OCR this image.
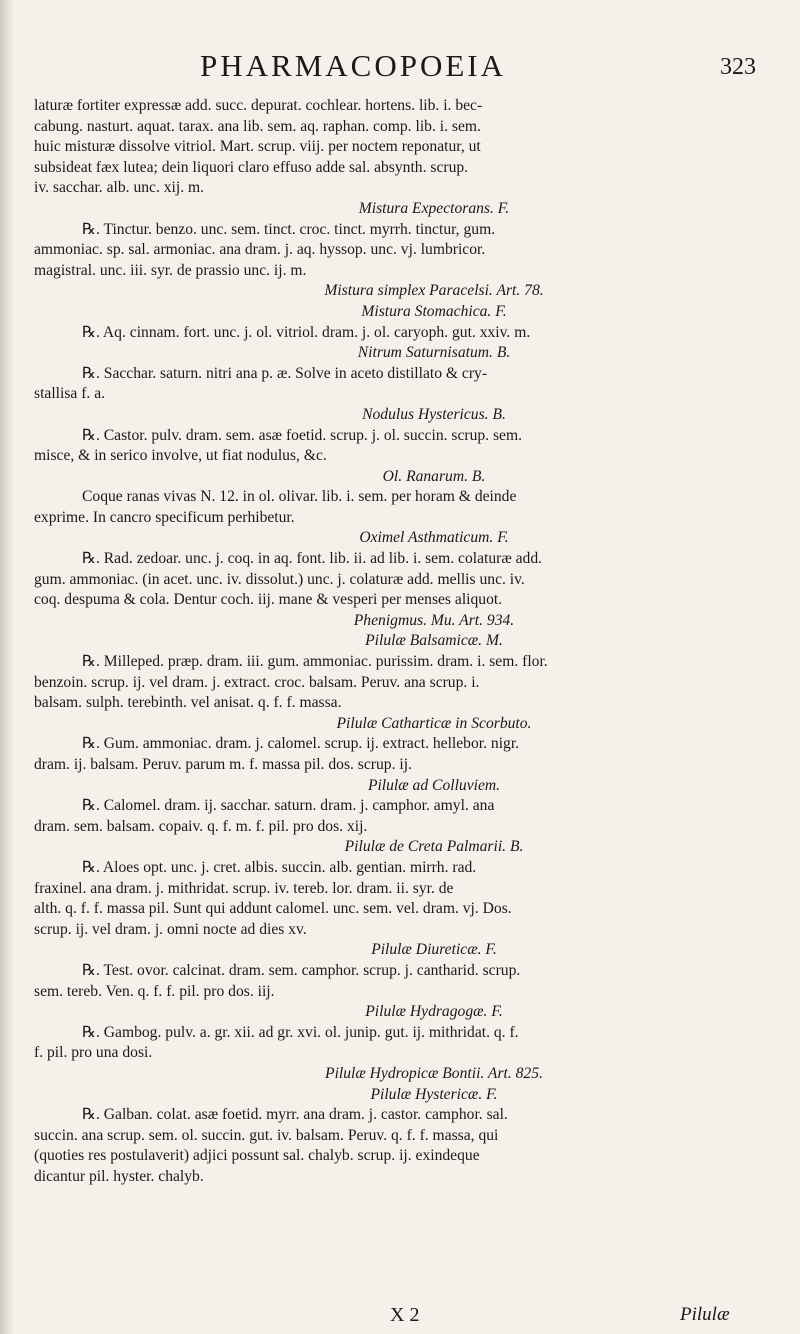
PHARMACOPOEIA	323
laturæ fortiter expressæ add. succ. depurat. cochlear. hortens. lib. i. bec-
cabung. nasturt. aquat. tarax. ana lib. sem. aq. raphan. comp. lib. i. sem.
huic misturæ dissolve vitriol. Mart. scrup. viij. per noctem reponatur, ut
subsideat fæx lutea; dein liquori claro effuso adde sal. absynth. scrup.
iv. sacchar. alb. unc. xij. m.
Mistura Expectorans. F.
℞. Tinctur. benzo. unc. sem. tinct. croc. tinct. myrrh. tinctur, gum.
ammoniac. sp. sal. armoniac. ana dram. j. aq. hyssop. unc. vj. lumbricor.
magistral. unc. iii. syr. de prassio unc. ij. m.
Mistura simplex Paracelsi. Art. 78.
Mistura Stomachica. F.
℞. Aq. cinnam. fort. unc. j. ol. vitriol. dram. j. ol. caryoph. gut. xxiv. m.
Nitrum Saturnisatum. B.
℞. Sacchar. saturn. nitri ana p. æ. Solve in aceto distillato & cry-
stallisa f. a.
Nodulus Hystericus. B.
℞. Castor. pulv. dram. sem. asæ foetid. scrup. j. ol. succin. scrup. sem.
misce, & in serico involve, ut fiat nodulus, &c.
Ol. Ranarum. B.
Coque ranas vivas N. 12. in ol. olivar. lib. i. sem. per horam & deinde
exprime. In cancro specificum perhibetur.
Oximel Asthmaticum. F.
℞. Rad. zedoar. unc. j. coq. in aq. font. lib. ii. ad lib. i. sem. colaturæ add.
gum. ammoniac. (in acet. unc. iv. dissolut.) unc. j. colaturæ add. mellis unc. iv.
coq. despuma & cola. Dentur coch. iij. mane & vesperi per menses aliquot.
Phenigmus. Mu. Art. 934.
Pilulæ Balsamicæ. M.
℞. Milleped. præp. dram. iii. gum. ammoniac. purissim. dram. i. sem. flor.
benzoin. scrup. ij. vel dram. j. extract. croc. balsam. Peruv. ana scrup. i.
balsam. sulph. terebinth. vel anisat. q. f. f. massa.
Pilulæ Catharticæ in Scorbuto.
℞. Gum. ammoniac. dram. j. calomel. scrup. ij. extract. hellebor. nigr.
dram. ij. balsam. Peruv. parum m. f. massa pil. dos. scrup. ij.
Pilulæ ad Colluviem.
℞. Calomel. dram. ij. sacchar. saturn. dram. j. camphor. amyl. ana
dram. sem. balsam. copaiv. q. f. m. f. pil. pro dos. xij.
Pilulæ de Creta Palmarii. B.
℞. Aloes opt. unc. j. cret. albis. succin. alb. gentian. mirrh. rad.
fraxinel. ana dram. j. mithridat. scrup. iv. tereb. lor. dram. ii. syr. de
alth. q. f. f. massa pil. Sunt qui addunt calomel. unc. sem. vel. dram. vj. Dos.
scrup. ij. vel dram. j. omni nocte ad dies xv.
Pilulæ Diureticæ. F.
℞. Test. ovor. calcinat. dram. sem. camphor. scrup. j. cantharid. scrup.
sem. tereb. Ven. q. f. f. pil. pro dos. iij.
Pilulæ Hydragogæ. F.
℞. Gambog. pulv. a. gr. xii. ad gr. xvi. ol. junip. gut. ij. mithridat. q. f.
f. pil. pro una dosi.
Pilulæ Hydropicæ Bontii. Art. 825.
Pilulæ Hystericæ. F.
℞. Galban. colat. asæ foetid. myrr. ana dram. j. castor. camphor. sal.
succin. ana scrup. sem. ol. succin. gut. iv. balsam. Peruv. q. f. f. massa, qui
(quoties res postulaverit) adjici possunt sal. chalyb. scrup. ij. exindeque
dicantur pil. hyster. chalyb.
X 2	Pilulæ
